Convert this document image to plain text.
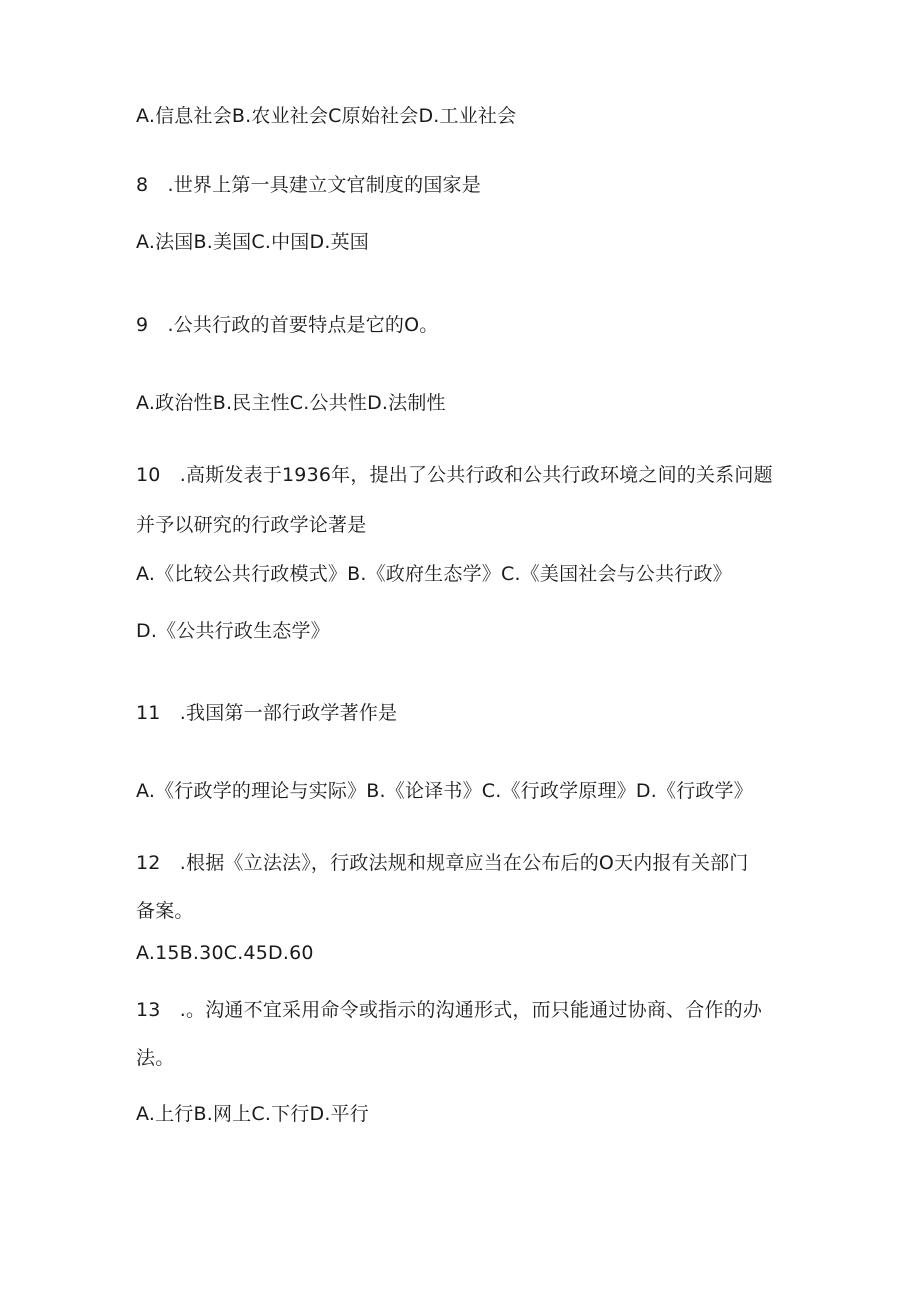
A.信息社会B.农业社会C原始社会D.工业社会
8　.世界上第一具建立文官制度的国家是
A.法国B.美国C.中国D.英国
9　.公共行政的首要特点是它的O。
A.政治性B.民主性C.公共性D.法制性
10　.高斯发表于1936年，提出了公共行政和公共行政环境之间的关系问题
并予以研究的行政学论著是
A.《比较公共行政模式》B.《政府生态学》C.《美国社会与公共行政》
D.《公共行政生态学》
11　.我国第一部行政学著作是
A.《行政学的理论与实际》B.《论译书》C.《行政学原理》D.《行政学》
12　.根据《立法法》，行政法规和规章应当在公布后的O天内报有关部门
备案。
A.15B.30C.45D.60
13　.。沟通不宜采用命令或指示的沟通形式，而只能通过协商、合作的办
法。
A.上行B.网上C.下行D.平行
